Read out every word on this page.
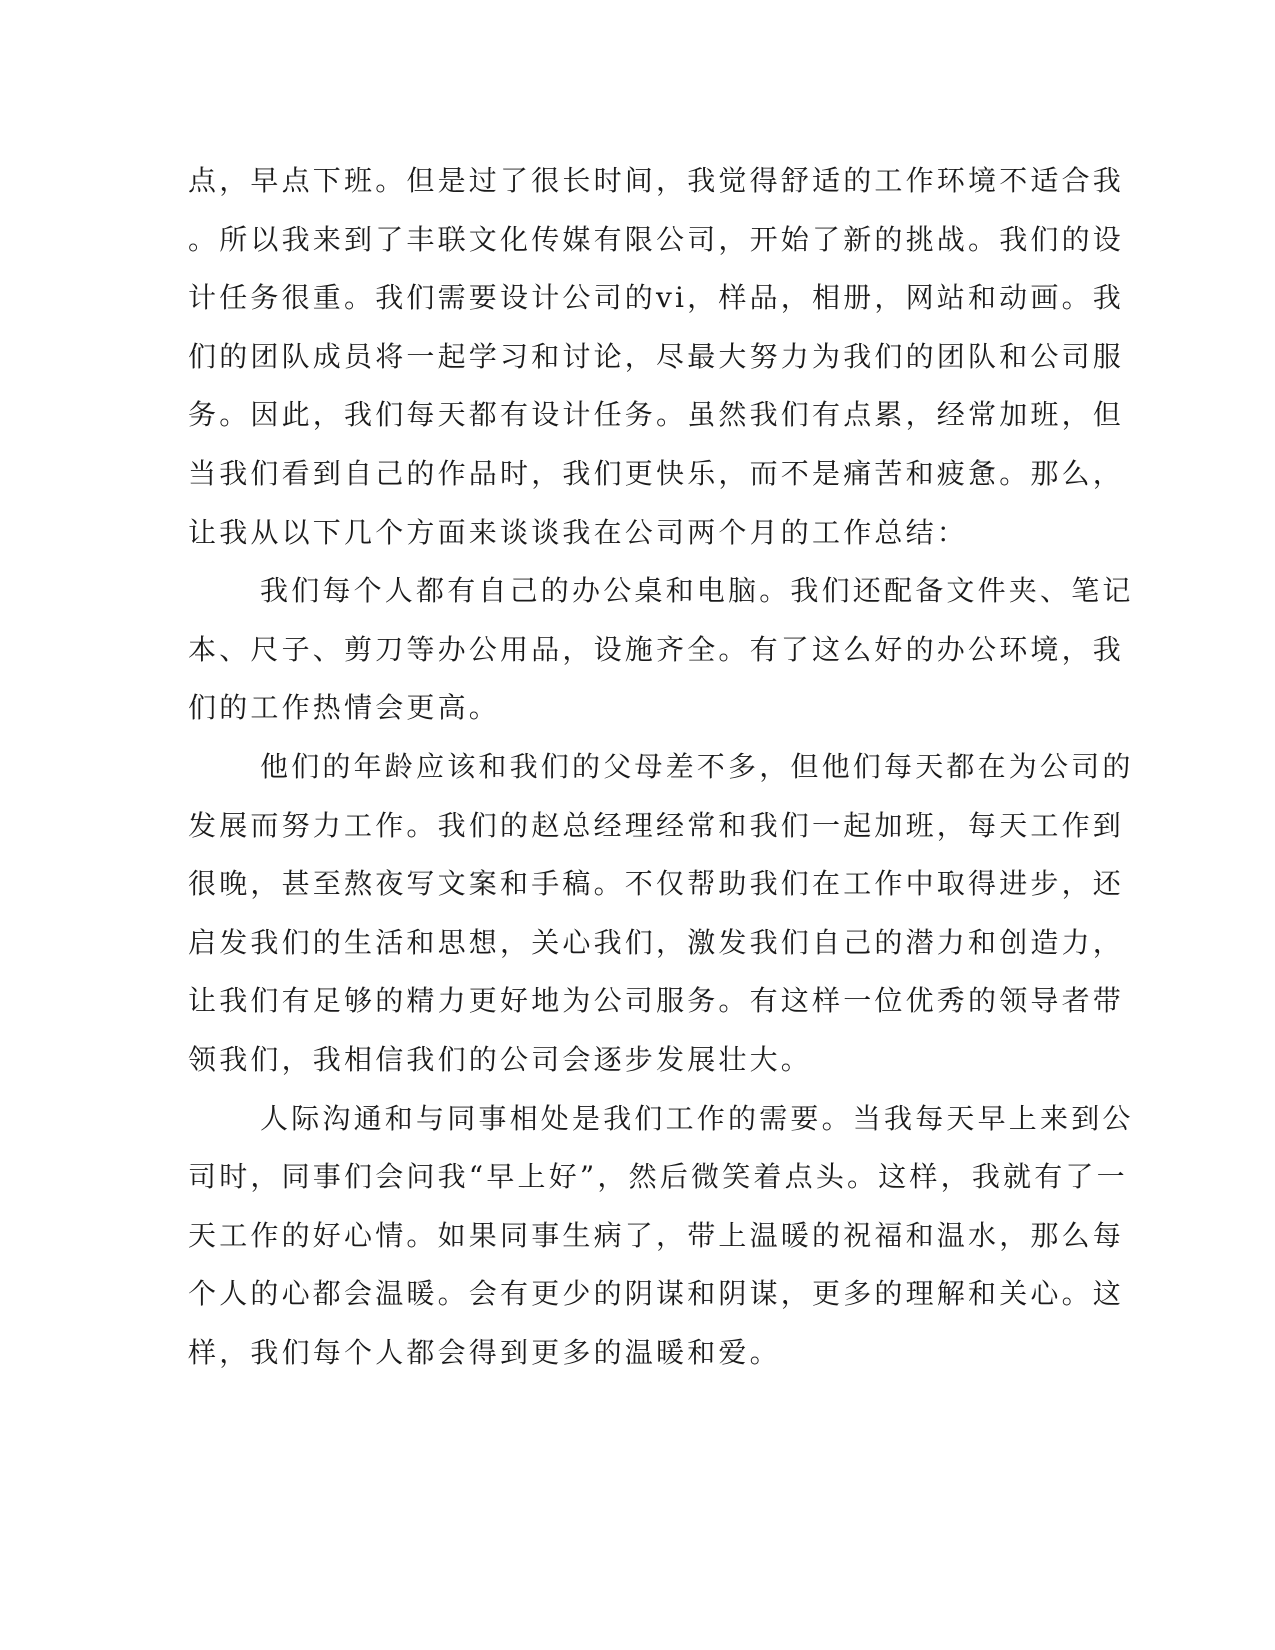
点，早点下班。但是过了很长时间，我觉得舒适的工作环境不适合我
。所以我来到了丰联文化传媒有限公司，开始了新的挑战。我们的设
计任务很重。我们需要设计公司的vi，样品，相册，网站和动画。我
们的团队成员将一起学习和讨论，尽最大努力为我们的团队和公司服
务。因此，我们每天都有设计任务。虽然我们有点累，经常加班，但
当我们看到自己的作品时，我们更快乐，而不是痛苦和疲惫。那么，
让我从以下几个方面来谈谈我在公司两个月的工作总结：
我们每个人都有自己的办公桌和电脑。我们还配备文件夹、笔记
本、尺子、剪刀等办公用品，设施齐全。有了这么好的办公环境，我
们的工作热情会更高。
他们的年龄应该和我们的父母差不多，但他们每天都在为公司的
发展而努力工作。我们的赵总经理经常和我们一起加班，每天工作到
很晚，甚至熬夜写文案和手稿。不仅帮助我们在工作中取得进步，还
启发我们的生活和思想，关心我们，激发我们自己的潜力和创造力，
让我们有足够的精力更好地为公司服务。有这样一位优秀的领导者带
领我们，我相信我们的公司会逐步发展壮大。
人际沟通和与同事相处是我们工作的需要。当我每天早上来到公
司时，同事们会问我“早上好”，然后微笑着点头。这样，我就有了一
天工作的好心情。如果同事生病了，带上温暖的祝福和温水，那么每
个人的心都会温暖。会有更少的阴谋和阴谋，更多的理解和关心。这
样，我们每个人都会得到更多的温暖和爱。
